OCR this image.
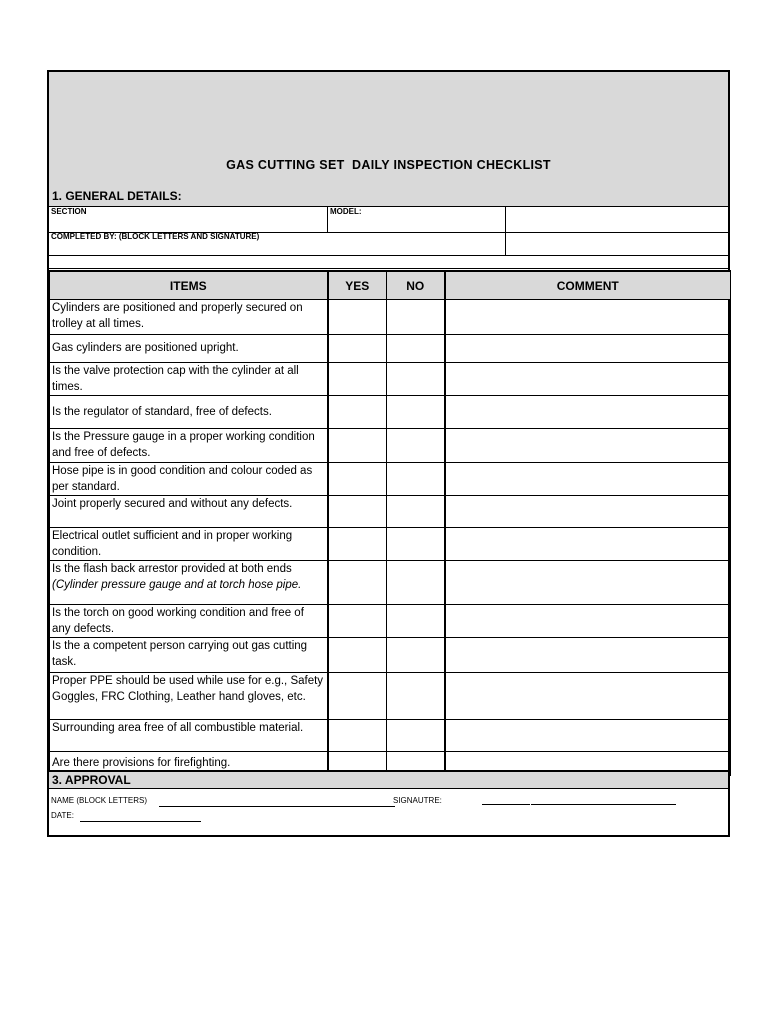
GAS CUTTING SET  DAILY INSPECTION CHECKLIST
1. GENERAL DETAILS:
SECTION	MODEL:
COMPLETED BY: (BLOCK LETTERS AND SIGNATURE)
ITEMS	YES	NO	COMMENT
Cylinders are positioned and properly secured on trolley at all times.			
Gas cylinders are positioned upright.			
Is the valve protection cap with the cylinder at all times.			
Is the regulator of standard, free of defects.			
Is the Pressure gauge in a proper working condition and free of defects.			
Hose pipe is in good condition and colour coded as per standard.			
Joint properly secured and without any defects.			
Electrical outlet sufficient and in proper working condition.			
Is the flash back arrestor provided at both ends (Cylinder pressure gauge and at torch hose pipe.			
Is the torch on good working condition and free of any defects.			
Is the a competent person carrying out gas cutting task.			
Proper PPE should be used while use for e.g., Safety Goggles, FRC Clothing, Leather hand gloves, etc.			
Surrounding area free of all combustible material.			
Are there provisions for firefighting.			
3. APPROVAL
NAME (BLOCK LETTERS)	SIGNAUTRE:
DATE:
